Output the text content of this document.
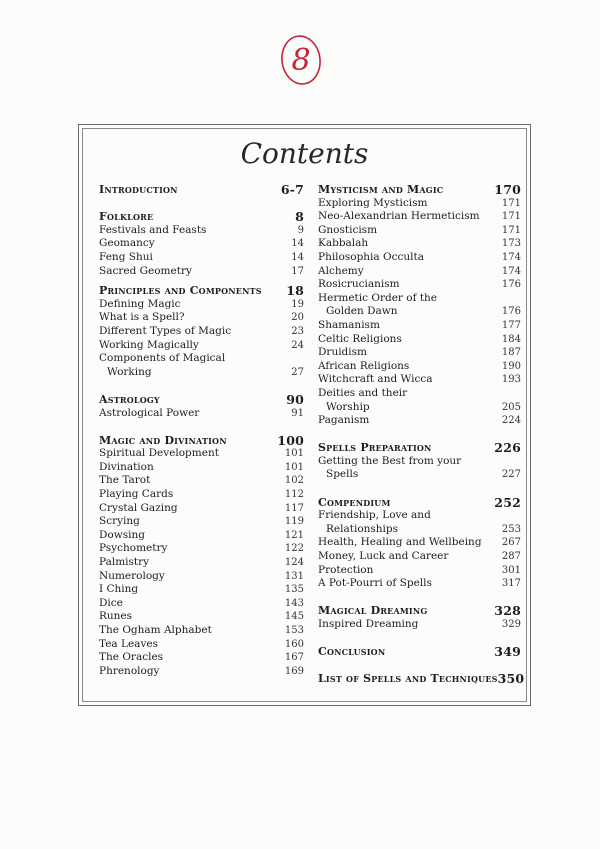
8
Contents
Introduction	6-7
Folklore	8
Festivals and Feasts	9
Geomancy	14
Feng Shui	14
Sacred Geometry	17
Principles and Components 18
Defining Magic	19
What is a Spell?	20
Different Types of Magic	23
Working Magically	24
Components of Magical
Working	27
Astrology	90
Astrological Power	91
Magic and Divination	100
Spiritual Development	101
Divination	101
The Tarot	102
Playing Cards	112
Crystal Gazing	117
Scrying	119
Dowsing	121
Psychometry	122
Palmistry	124
Numerology	131
I Ching	135
Dice	143
Runes	145
The Ogham Alphabet	153
Tea Leaves	160
The Oracles	167
Phrenology	169
Mysticism and Magic	170
Exploring Mysticism	171
Neo-Alexandrian Hermeticism 171
Gnosticism	171
Kabbalah	173
Philosophia Occulta	174
Alchemy	174
Rosicrucianism	176
Hermetic Order of the
Golden Dawn	176
Shamanism	177
Celtic Religions	184
Druidism	187
African Religions	190
Witchcraft and Wicca	193
Deities and their
Worship	205
Paganism	224
Spells Preparation	226
Getting the Best from your
Spells	227
Compendium	252
Friendship, Love and
Relationships	253
Health, Healing and Wellbeing 267
Money, Luck and Career	287
Protection	301
A Pot-Pourri of Spells	317
Magical Dreaming	328
Inspired Dreaming	329
Conclusion	349
List of Spells and Techniques 350
